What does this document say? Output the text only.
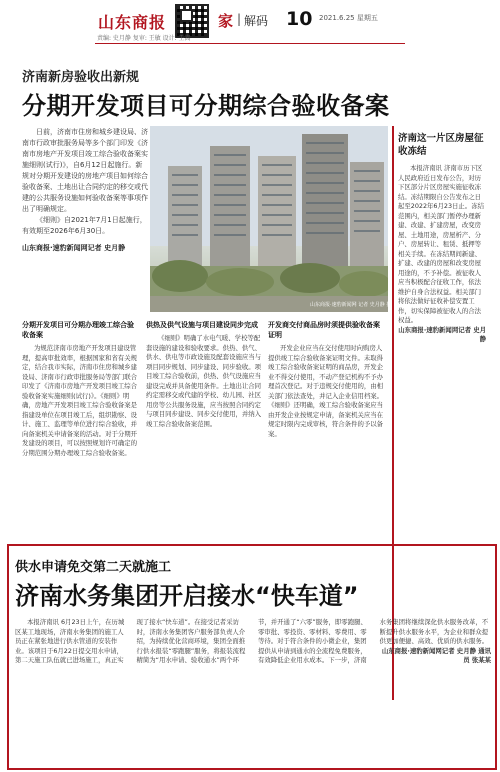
山东商报	家 | 解码 10 2021.6.25 星期五
责编: 史月静 复审: 王敏 设计: 王嵩
济南新房验收出新规
分期开发项目可分期综合验收备案

日前，济南市住房和城乡建设局、济南市行政审批服务局等多个部门印发《济南市房地产开发项目竣工综合验收备案实施细则(试行)》，自6月12日起施行。新规对分期开发建设的房地产项目如何综合验收备案、土地出让合同约定的移交或代建的公共服务设施如何验收备案等事项作出了明确规定。

《细则》自2021年7月1日起施行，有效期至2026年6月30日。

山东商报·速豹新闻网记者 史月静

山东商报·速豹新闻网 记者 史月静 摄
济南这一片区房屋征收冻结

本报济南讯 济南市历下区人民政府近日发布公告，对历下区部分片区房屋实施征收冻结。冻结期限自公告发布之日起至2022年6月23日止。冻结范围内，相关部门暂停办理新建、改建、扩建房屋，改变房屋、土地用途，房屋析产、分户、房屋转让、租赁、抵押等相关手续。在冻结期间新建、扩建、改建的房屋和改变房屋用途的，不予补偿。被征收人应当积极配合征收工作，依法维护自身合法权益。相关部门将依法做好征收补偿安置工作，切实保障被征收人的合法权益。

山东商报·速豹新闻网记者 史月静

分期开发项目可分期办理竣工综合验收备案

为规范济南市房地产开发项目建设管理，提高审批效率，根据国家和省有关规定，结合我市实际，济南市住房和城乡建设局、济南市行政审批服务局等部门联合印发了《济南市房地产开发项目竣工综合验收备案实施细则(试行)》。《细则》明确，房地产开发项目竣工综合验收备案是指建设单位在项目竣工后，组织勘察、设计、施工、监理等单位进行综合验收，并向备案机关申请备案的活动。对于分期开发建设的项目，可以按照规划许可确定的分期范围分期办理竣工综合验收备案。

供热及供气设施与项目建设同步完成

《细则》明确了水电气暖、学校等配套设施的建设和验收要求。供热、供气、供水、供电等市政设施及配套设施应当与项目同步规划、同步建设、同步验收。项目竣工综合验收前，供热、供气设施应当建设完成并具备使用条件。土地出让合同约定需移交或代建的学校、幼儿园、社区用房等公共服务设施，应当按照合同约定与项目同步建设、同步交付使用，并纳入竣工综合验收备案范围。

开发商交付商品房时须提供验收备案证明

开发企业应当在交付使用时向购房人提供竣工综合验收备案证明文件。未取得竣工综合验收备案证明的商品房，开发企业不得交付使用，不动产登记机构不予办理首次登记。对于违规交付使用的，由相关部门依法查处，并记入企业信用档案。《细则》还明确，竣工综合验收备案应当由开发企业按规定申请，备案机关应当在规定时限内完成审核，符合条件的予以备案。

供水申请免交第二天就施工
济南水务集团开启接水“快车道”

本报济南讯 6月23日上午，在历城区某工地现场，济南水务集团的施工人员正在紧张地进行供水管道的安装作业。该项目于6月22日提交用水申请，第二天施工队伍就已进场施工，真正实现了接水“快车道”。在接受记者采访时，济南水务集团客户服务部负责人介绍，为持续优化营商环境，集团全面推行供水报装“零跑腿”服务，将报装流程精简为“用水申请、验收通水”两个环节，并开通了“六零”服务，即零跑腿、零审批、零投资、零材料、零费用、零等待。对于符合条件的小微企业，集团提供从申请到通水的全流程免费服务，有效降低企业用水成本。下一步，济南水务集团将继续深化供水服务改革，不断提升供水服务水平，为企业和群众提供更加便捷、高效、优质的供水服务。

山东商报·速豹新闻网记者 史月静 通讯员 张某某
